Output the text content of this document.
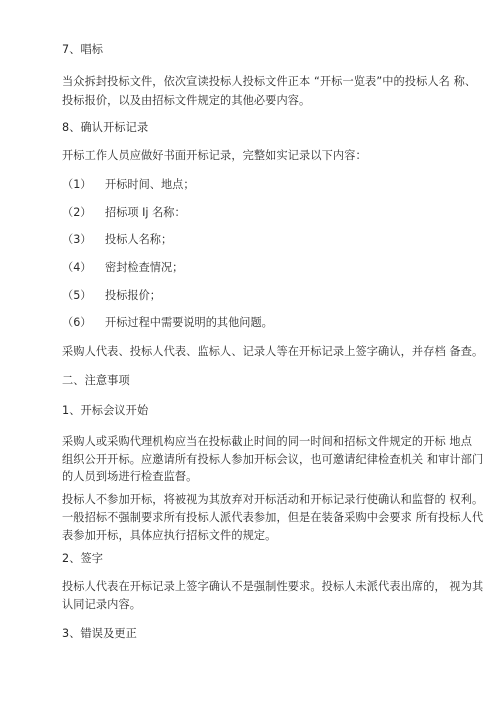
7、唱标
当众拆封投标文件，依次宣读投标人投标文件正本 “开标一览表”中的投标人名 称、
投标报价，以及由招标文件规定的其他必要内容。
8、确认开标记录
开标工作人员应做好书面开标记录，完整如实记录以下内容：
（1） 开标时间、地点；
（2） 招标项 Ij 名称：
（3） 投标人名称；
（4） 密封检查情况；
（5） 投标报价；
（6） 开标过程中需要说明的其他问题。
采购人代表、投标人代表、监标人、记录人等在开标记录上签字确认，并存档 备查。
二、注意事项
1、开标会议开始
采购人或采购代理机构应当在投标截止时间的同一时间和招标文件规定的开标 地点
组织公开开标。应邀请所有投标人参加开标会议，也可邀请纪律检查机关 和审计部门
的人员到场进行检查监督。
投标人不参加开标，将被视为其放弃对开标活动和开标记录行使确认和监督的 权利。
一般招标不强制要求所有投标人派代表参加，但是在装备采购中会要求 所有投标人代
表参加开标，具体应执行招标文件的规定。
2、签字
投标人代表在开标记录上签字确认不是强制性要求。投标人未派代表出席的， 视为其
认同记录内容。
3、错误及更正
